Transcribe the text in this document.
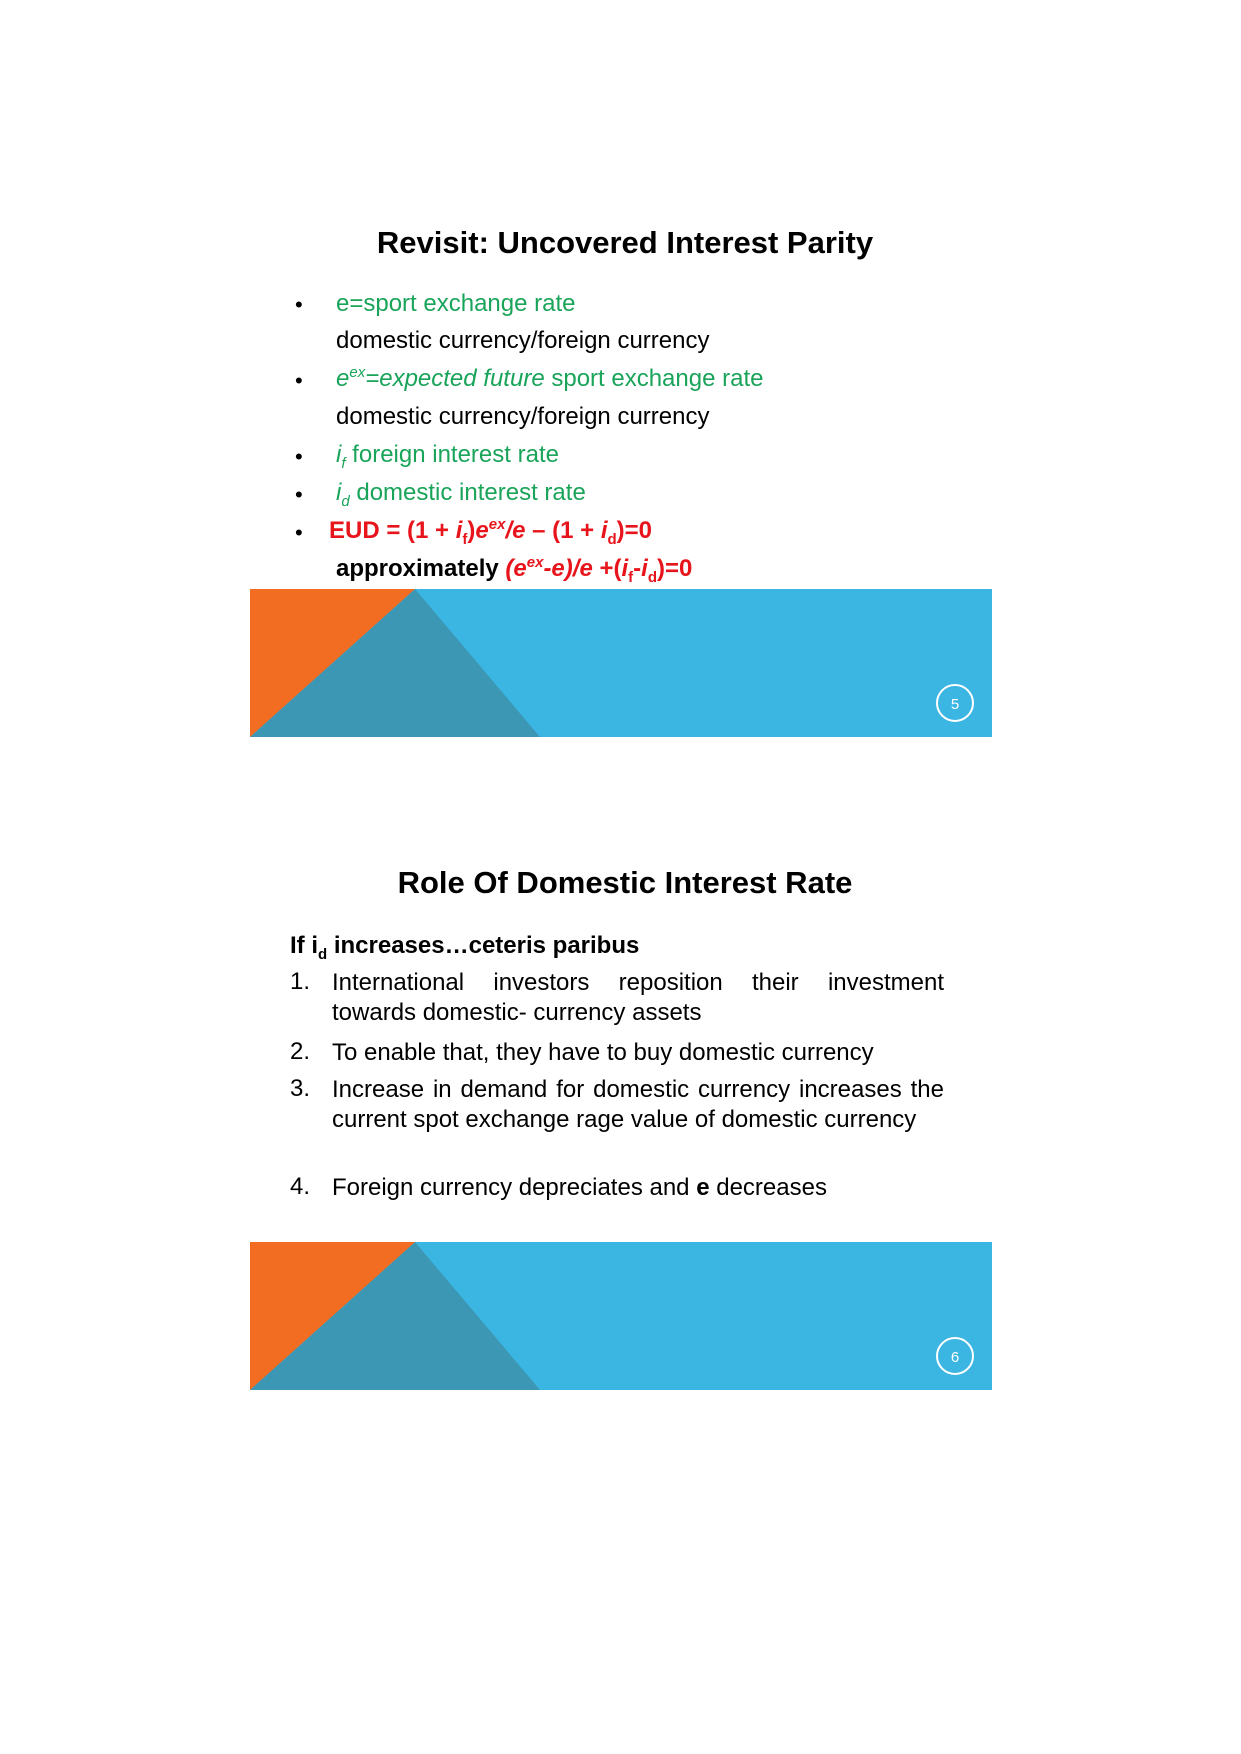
Revisit: Uncovered Interest Parity
• e=sport exchange rate
domestic currency/foreign currency
• $e^{ex}=expected$ future sport exchange rate
domestic currency/foreign currency
• $i_f$ foreign interest rate
• $i_d$ domestic interest rate
• EUD = $(1 + i_f)e^{ex}/e - (1 + i_d)=0$
approximately $(e^{ex}-e)/e +(i_f-i_d)=0$
5
Role Of Domestic Interest Rate
If $i_d$ increases…ceteris paribus
1. International investors reposition their investment towards domestic- currency assets
2. To enable that, they have to buy domestic currency
3. Increase in demand for domestic currency increases the current spot exchange rage value of domestic currency
4. Foreign currency depreciates and e decreases
6
